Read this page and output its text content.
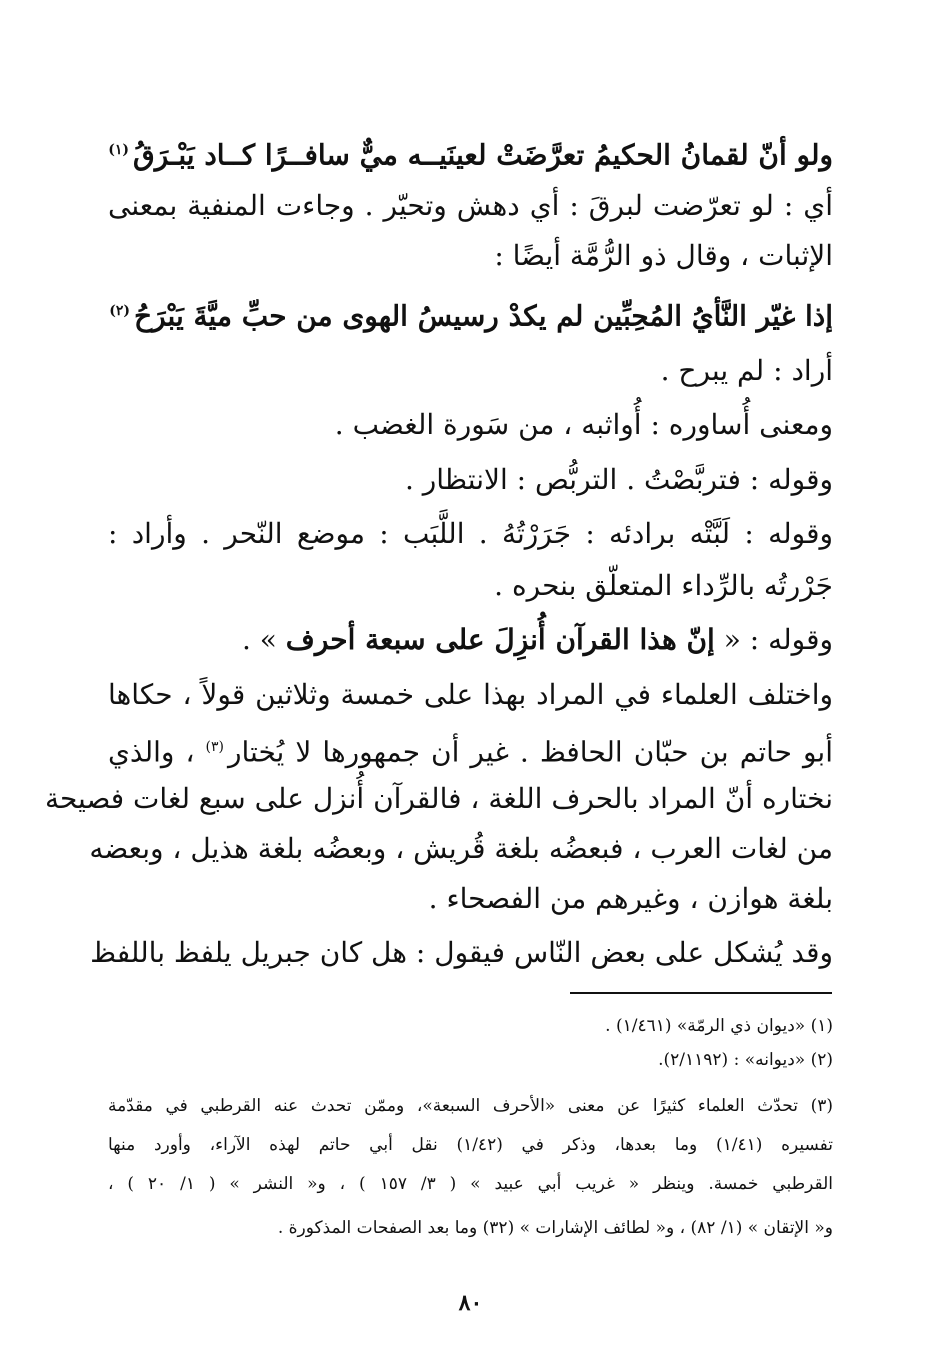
ولو أنّ لقمانُ الحكيمُ تعرَّضَتْ لعينَيــه ميٌّ سافــرًا كــاد يَبْـرَقُ$^{(١)}$
أي : لو تعرّضت لبرقَ : أي دهش وتحيّر . وجاءت المنفية بمعنى
الإثبات ، وقال ذو الرُّمَّة أيضًا :
إذا غيّر النَّأيُ المُحِبِّين لم يكدْ رسيسُ الهوى من حبِّ ميَّةَ يَبْرَحُ$^{(٢)}$
أراد : لم يبرح .
ومعنى أُساوره : أُواثبه ، من سَورة الغضب .
وقوله : فتربَّصْتُ . التربُّص : الانتظار .
وقوله : لَبَّتْه برادئه : جَرَرْتُهُ . اللَّبَب : موضع النّحر . وأراد :
جَرْرتُه بالرِّداء المتعلّق بنحره .
وقوله : « إنّ هذا القرآن أُنزِلَ على سبعة أحرف » .
واختلف العلماء في المراد بهذا على خمسة وثلاثين قولاً ، حكاها
أبو حاتم بن حبّان الحافظ . غير أن جمهورها لا يُختار$^{(٣)}$ ، والذي
نختاره أنّ المراد بالحرف اللغة ، فالقرآن أُنزل على سبع لغات فصيحة
من لغات العرب ، فبعضُه بلغة قُريش ، وبعضُه بلغة هذيل ، وبعضه
بلغة هوازن ، وغيرهم من الفصحاء .
وقد يُشكل على بعض النّاس فيقول : هل كان جبريل يلفظ باللفظ
(١) «ديوان ذي الرمّة» (١/٤٦١) .
(٢) «ديوانه» : (٢/١١٩٢).
(٣) تحدّث العلماء كثيرًا عن معنى «الأحرف السبعة»، وممّن تحدث عنه القرطبي في مقدّمة
تفسيره (١/٤١) وما بعدها، وذكر في (١/٤٢) نقل أبي حاتم لهذه الآراء، وأورد منها
القرطبي خمسة. وينظر « غريب أبي عبيد » ( ٣/ ١٥٧ ) ، و« النشر » ( ١/ ٢٠ ) ،
و« الإتقان » (١/ ٨٢) ، و« لطائف الإشارات » (٣٢) وما بعد الصفحات المذكورة .
٨٠
